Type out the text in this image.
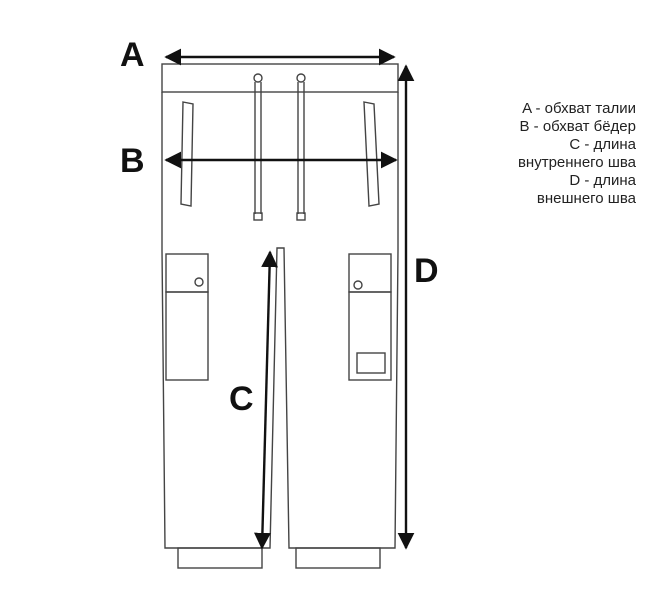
A
B
C
D
A - обхват талии
B - обхват бёдер
C - длина
внутреннего шва
D - длина
внешнего шва
